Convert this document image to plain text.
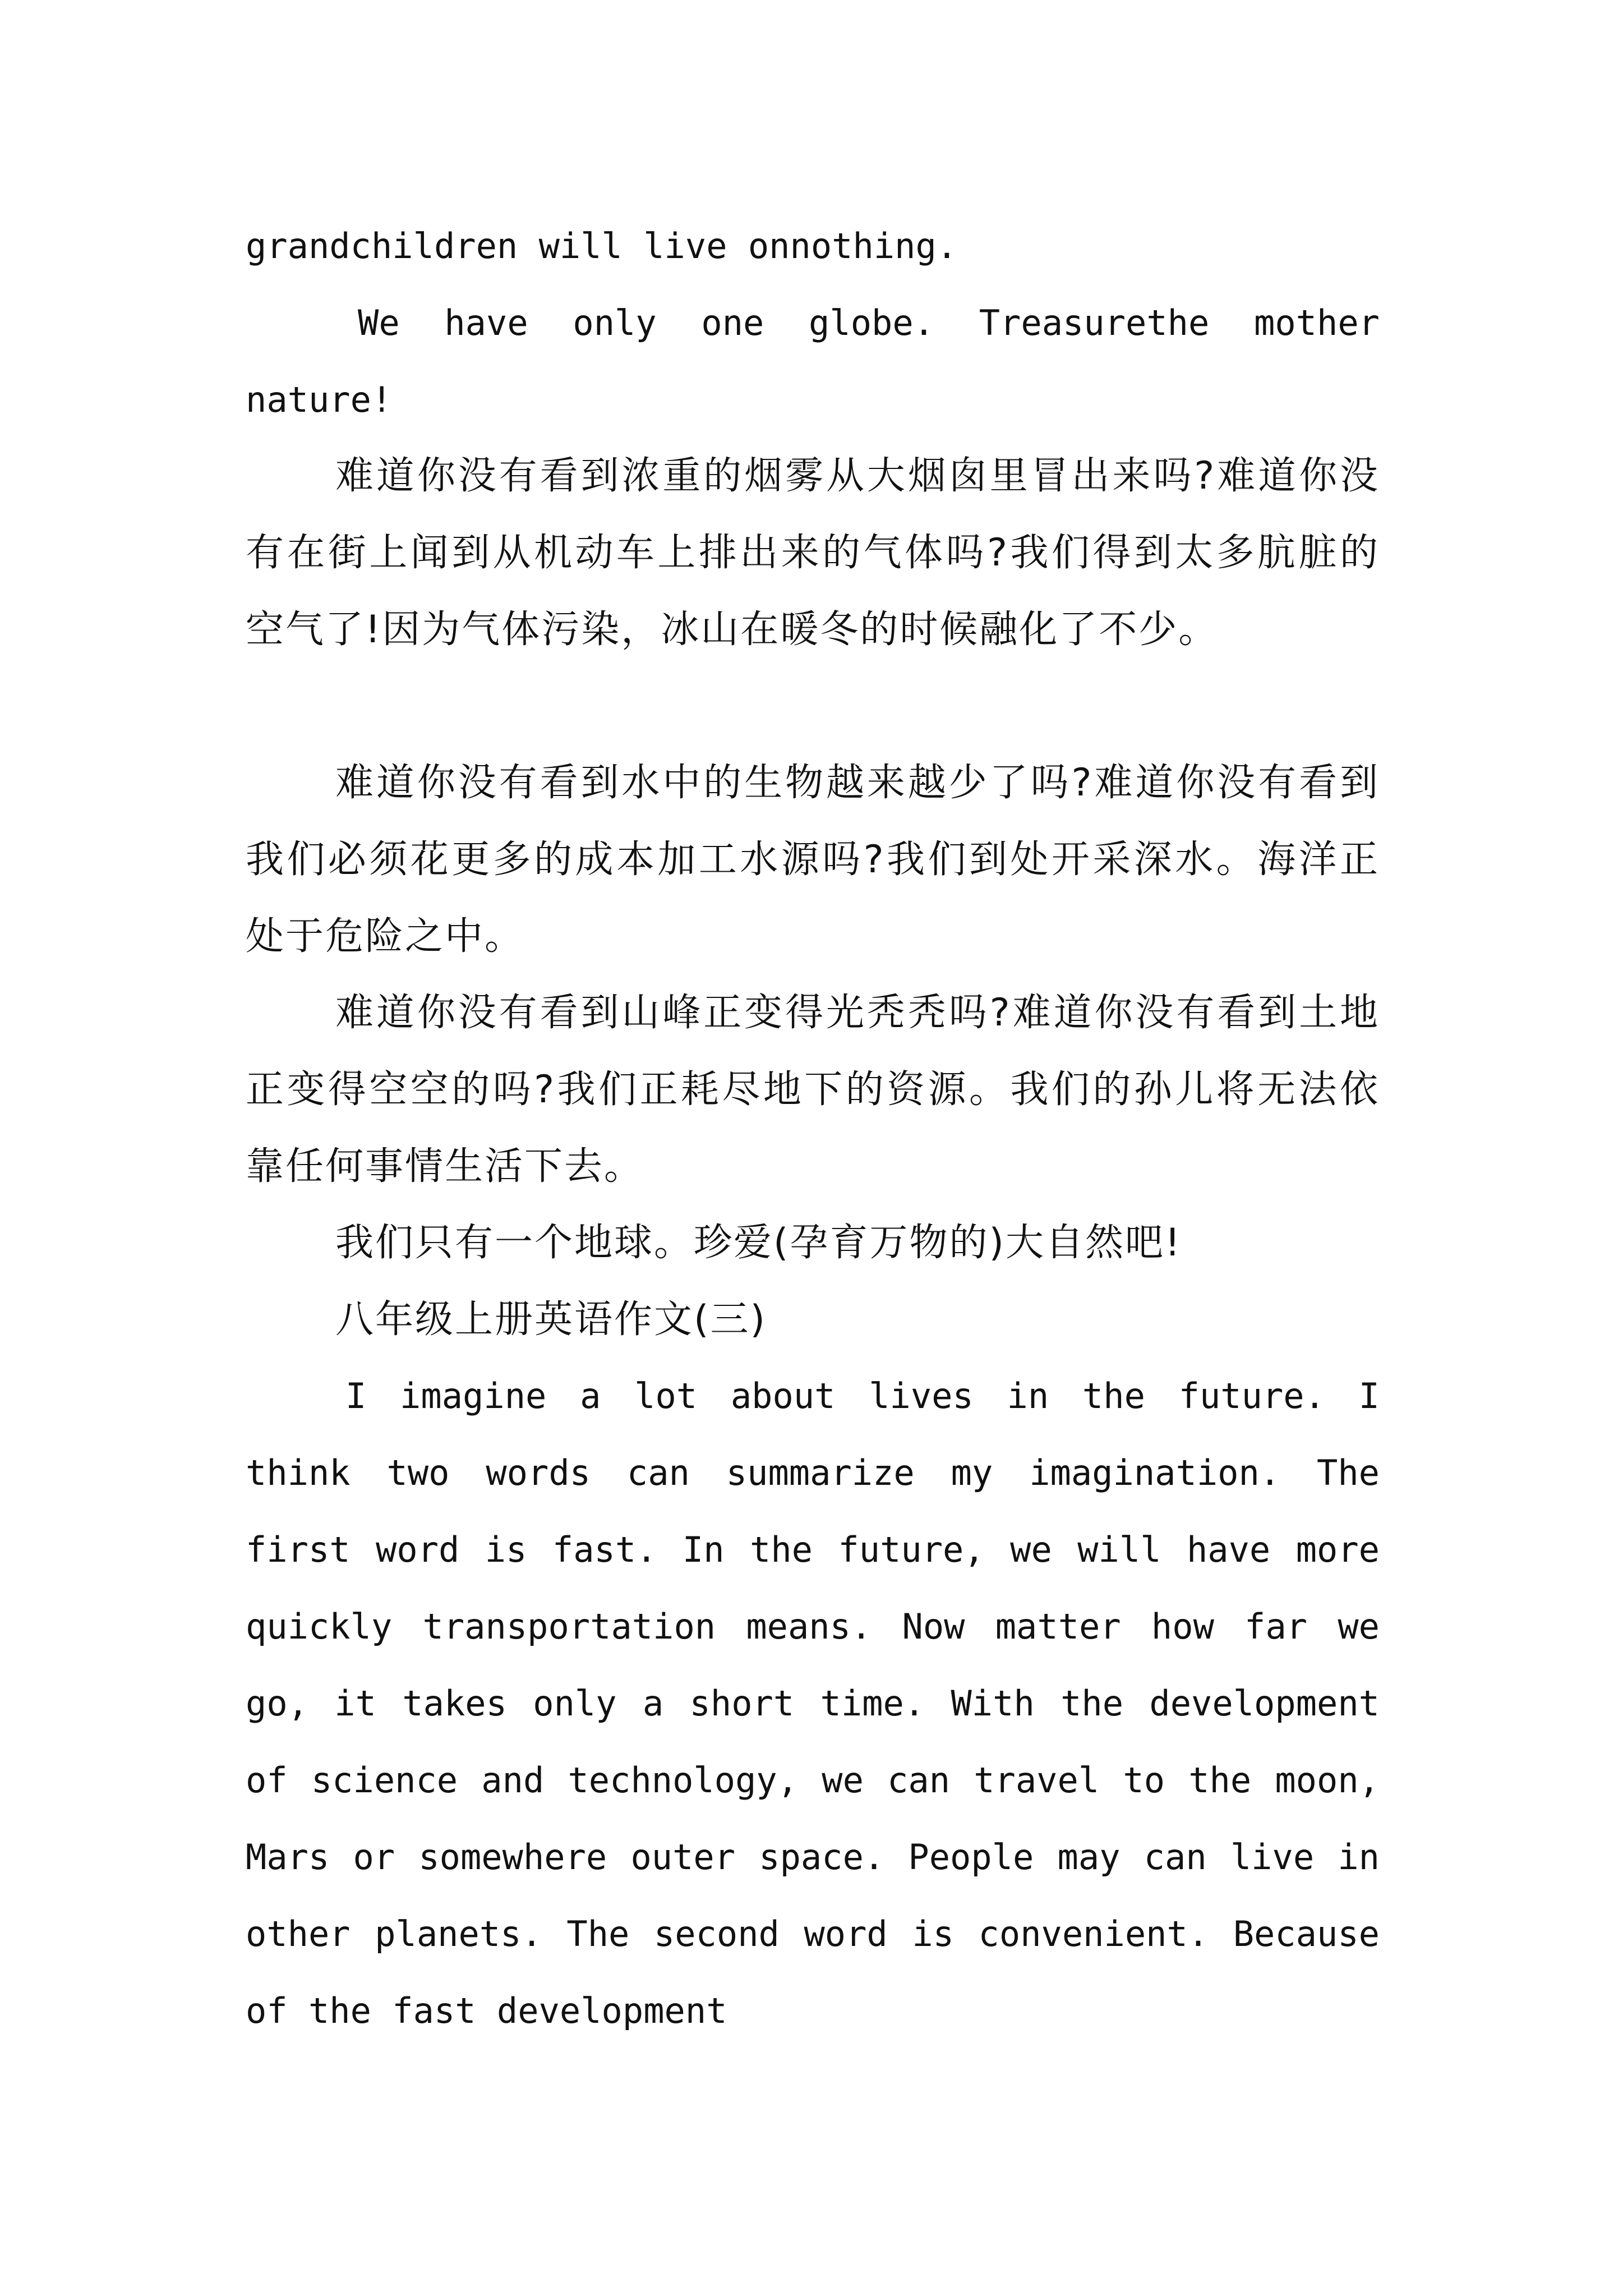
grandchildren will live onnothing.

We have only one globe. Treasurethe mother nature!

难道你没有看到浓重的烟雾从大烟囱里冒出来吗?难道你没有在街上闻到从机动车上排出来的气体吗?我们得到太多肮脏的空气了!因为气体污染，冰山在暖冬的时候融化了不少。

难道你没有看到水中的生物越来越少了吗?难道你没有看到我们必须花更多的成本加工水源吗?我们到处开采深水。海洋正处于危险之中。

难道你没有看到山峰正变得光秃秃吗?难道你没有看到土地正变得空空的吗?我们正耗尽地下的资源。我们的孙儿将无法依靠任何事情生活下去。

我们只有一个地球。珍爱(孕育万物的)大自然吧!

八年级上册英语作文(三)

I imagine a lot about lives in the future. I think two words can summarize my imagination. The first word is fast. In the future, we will have more quickly transportation means. Now matter how far we go, it takes only a short time. With the development of science and technology, we can travel to the moon, Mars or somewhere outer space. People may can live in other planets. The second word is convenient. Because of the fast development
